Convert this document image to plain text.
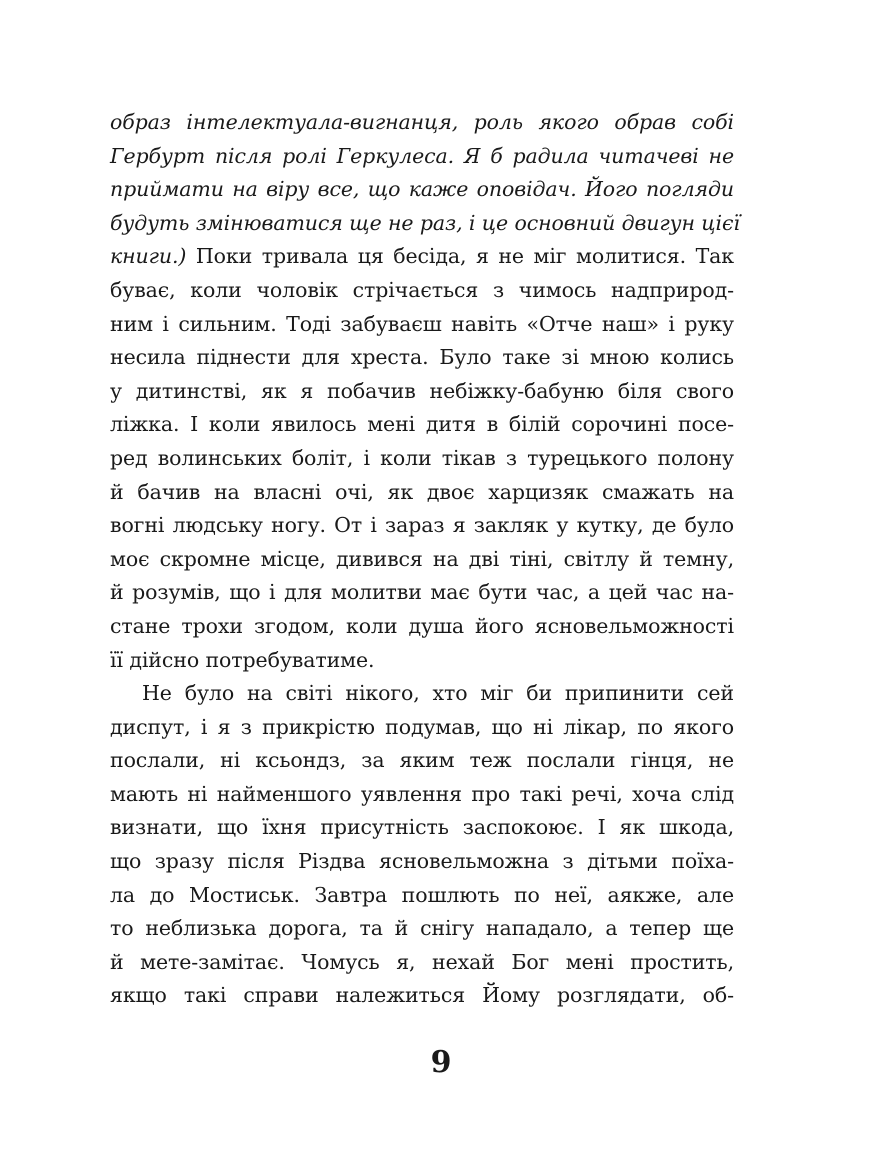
образ інтелектуала-вигнанця, роль якого обрав собі
Гербурт після ролі Геркулеса. Я б радила читачеві не
приймати на віру все, що каже оповідач. Його погляди
будуть змінюватися ще не раз, і це основний двигун цієї
книги.) Поки тривала ця бесіда, я не міг молитися. Так
буває, коли чоловік стрічається з чимось надприрод-
ним і сильним. Тоді забуваєш навіть «Отче наш» і руку
несила піднести для хреста. Було таке зі мною колись
у дитинстві, як я побачив небіжку-бабуню біля свого
ліжка. І коли явилось мені дитя в білій сорочині посе-
ред волинських боліт, і коли тікав з турецького полону
й бачив на власні очі, як двоє харцизяк смажать на
вогні людську ногу. От і зараз я закляк у кутку, де було
моє скромне місце, дивився на дві тіні, світлу й темну,
й розумів, що і для молитви має бути час, а цей час на-
стане трохи згодом, коли душа його ясновельможності
її дійсно потребуватиме.
Не було на світі нікого, хто міг би припинити сей
диспут, і я з прикрістю подумав, що ні лікар, по якого
послали, ні ксьондз, за яким теж послали гінця, не
мають ні найменшого уявлення про такі речі, хоча слід
визнати, що їхня присутність заспокоює. І як шкода,
що зразу після Різдва ясновельможна з дітьми поїха-
ла до Мостиськ. Завтра пошлють по неї, аякже, але
то неблизька дорога, та й снігу нападало, а тепер ще
й мете-замітає. Чомусь я, нехай Бог мені простить,
якщо такі справи належиться Йому розглядати, об-
9
